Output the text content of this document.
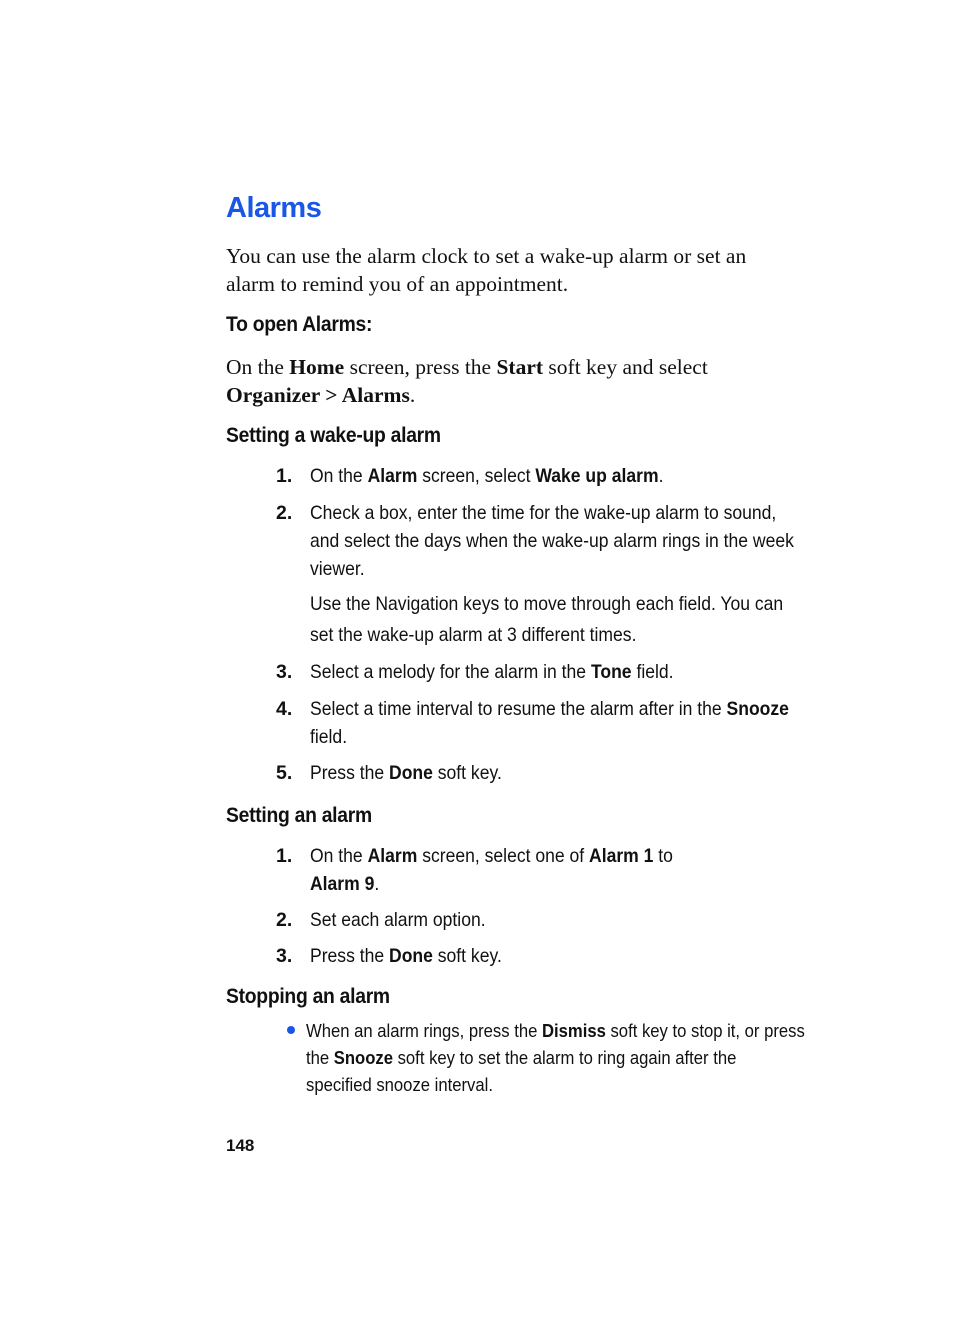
Alarms

You can use the alarm clock to set a wake-up alarm or set an alarm to remind you of an appointment.

To open Alarms:

On the Home screen, press the Start soft key and select Organizer > Alarms.

Setting a wake-up alarm
1. On the Alarm screen, select Wake up alarm.
2. Check a box, enter the time for the wake-up alarm to sound, and select the days when the wake-up alarm rings in the week viewer.
Use the Navigation keys to move through each field. You can set the wake-up alarm at 3 different times.
3. Select a melody for the alarm in the Tone field.
4. Select a time interval to resume the alarm after in the Snooze field.
5. Press the Done soft key.
Setting an alarm
1. On the Alarm screen, select one of Alarm 1 to
Alarm 9.
2. Set each alarm option.
3. Press the Done soft key.
Stopping an alarm
When an alarm rings, press the Dismiss soft key to stop it, or press the Snooze soft key to set the alarm to ring again after the specified snooze interval.

148
